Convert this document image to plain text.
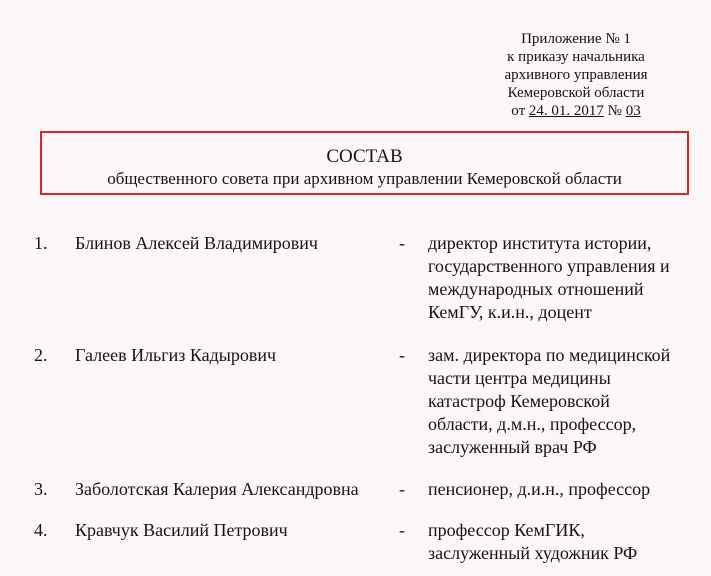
Приложение № 1
к приказу начальника
архивного управления
Кемеровской области
от 24. 01. 2017 № 03
СОСТАВ
общественного совета при архивном управлении Кемеровской области
1.	Блинов Алексей Владимирович	- директор института истории,
государственного управления и
международных отношений
КемГУ, к.и.н., доцент
2.	Галеев Ильгиз Кадырович	- зам. директора по медицинской
части центра медицины
катастроф Кемеровской
области, д.м.н., профессор,
заслуженный врач РФ
3.	Заболотская Калерия Александровна - пенсионер, д.и.н., профессор
4.	Кравчук Василий Петрович	- профессор КемГИК,
заслуженный художник РФ
